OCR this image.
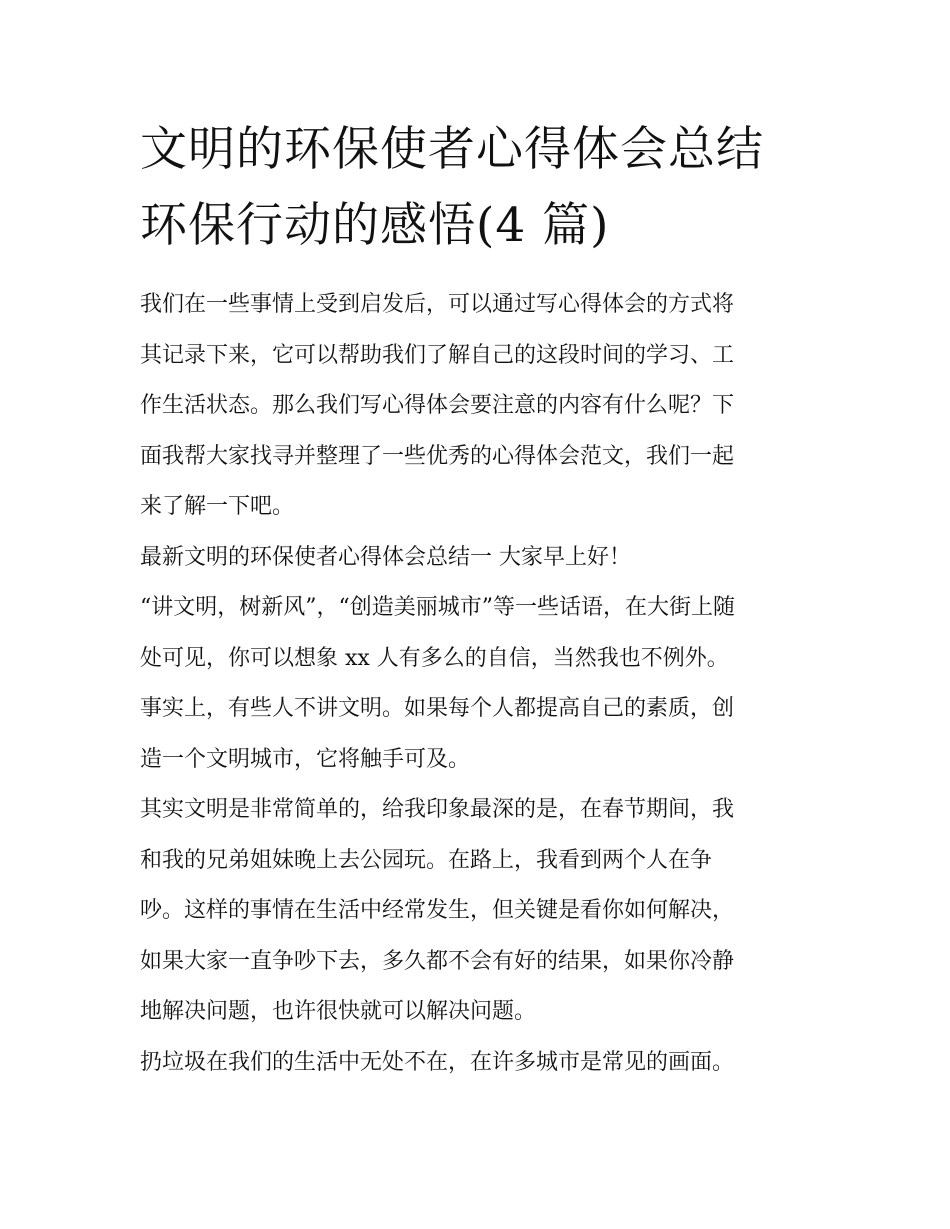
文明的环保使者心得体会总结
环保行动的感悟(4 篇)
我们在一些事情上受到启发后，可以通过写心得体会的方式将
其记录下来，它可以帮助我们了解自己的这段时间的学习、工
作生活状态。那么我们写心得体会要注意的内容有什么呢？下
面我帮大家找寻并整理了一些优秀的心得体会范文，我们一起
来了解一下吧。
最新文明的环保使者心得体会总结一 大家早上好！
“讲文明，树新风”，“创造美丽城市”等一些话语，在大街上随
处可见，你可以想象 xx 人有多么的自信，当然我也不例外。
事实上，有些人不讲文明。如果每个人都提高自己的素质，创
造一个文明城市，它将触手可及。
其实文明是非常简单的，给我印象最深的是，在春节期间，我
和我的兄弟姐妹晚上去公园玩。在路上，我看到两个人在争
吵。这样的事情在生活中经常发生，但关键是看你如何解决，
如果大家一直争吵下去，多久都不会有好的结果，如果你冷静
地解决问题，也许很快就可以解决问题。
扔垃圾在我们的生活中无处不在，在许多城市是常见的画面。
